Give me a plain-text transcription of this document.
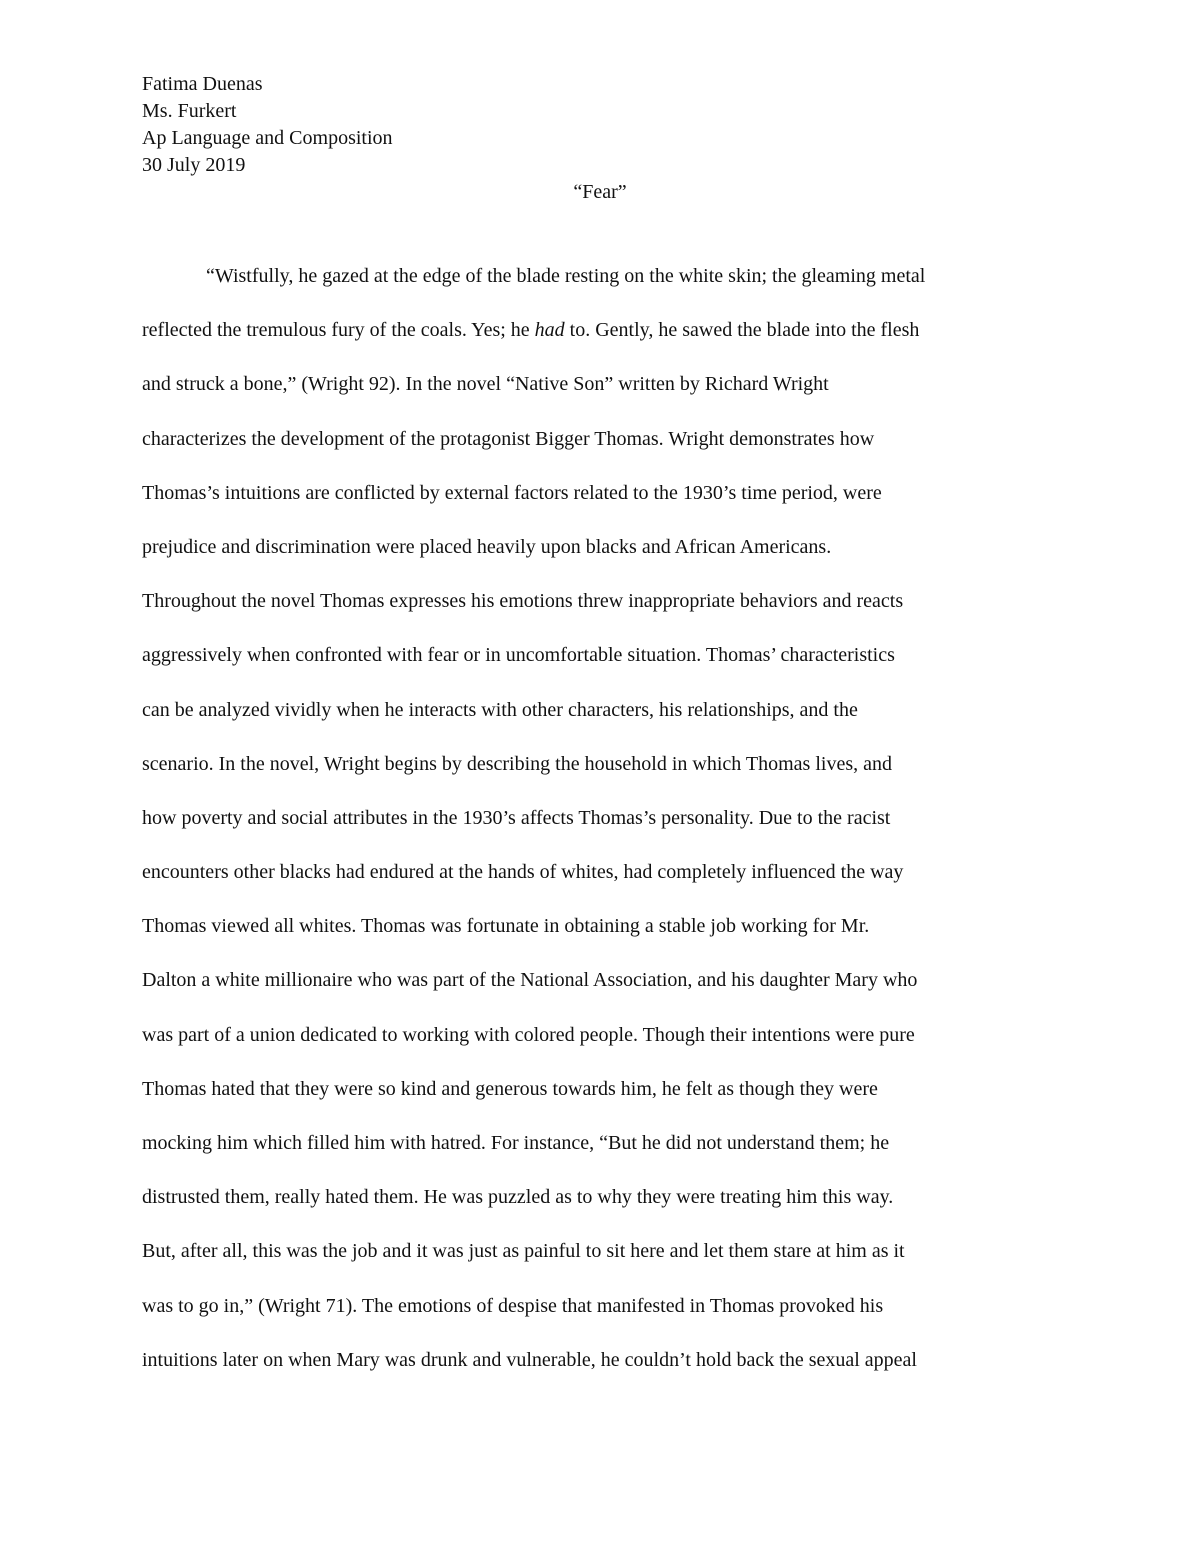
Fatima Duenas
Ms. Furkert
Ap Language and Composition
30 July 2019
“Fear”
“Wistfully, he gazed at the edge of the blade resting on the white skin; the gleaming metal
reflected the tremulous fury of the coals. Yes; he had to. Gently, he sawed the blade into the flesh
and struck a bone,” (Wright 92). In the novel “Native Son” written by Richard Wright
characterizes the development of the protagonist Bigger Thomas. Wright demonstrates how
Thomas’s intuitions are conflicted by external factors related to the 1930’s time period, were
prejudice and discrimination were placed heavily upon blacks and African Americans.
Throughout the novel Thomas expresses his emotions threw inappropriate behaviors and reacts
aggressively when confronted with fear or in uncomfortable situation. Thomas’ characteristics
can be analyzed vividly when he interacts with other characters, his relationships, and the
scenario. In the novel, Wright begins by describing the household in which Thomas lives, and
how poverty and social attributes in the 1930’s affects Thomas’s personality. Due to the racist
encounters other blacks had endured at the hands of whites, had completely influenced the way
Thomas viewed all whites. Thomas was fortunate in obtaining a stable job working for Mr.
Dalton a white millionaire who was part of the National Association, and his daughter Mary who
was part of a union dedicated to working with colored people. Though their intentions were pure
Thomas hated that they were so kind and generous towards him, he felt as though they were
mocking him which filled him with hatred. For instance, “But he did not understand them; he
distrusted them, really hated them. He was puzzled as to why they were treating him this way.
But, after all, this was the job and it was just as painful to sit here and let them stare at him as it
was to go in,” (Wright 71). The emotions of despise that manifested in Thomas provoked his
intuitions later on when Mary was drunk and vulnerable, he couldn’t hold back the sexual appeal
